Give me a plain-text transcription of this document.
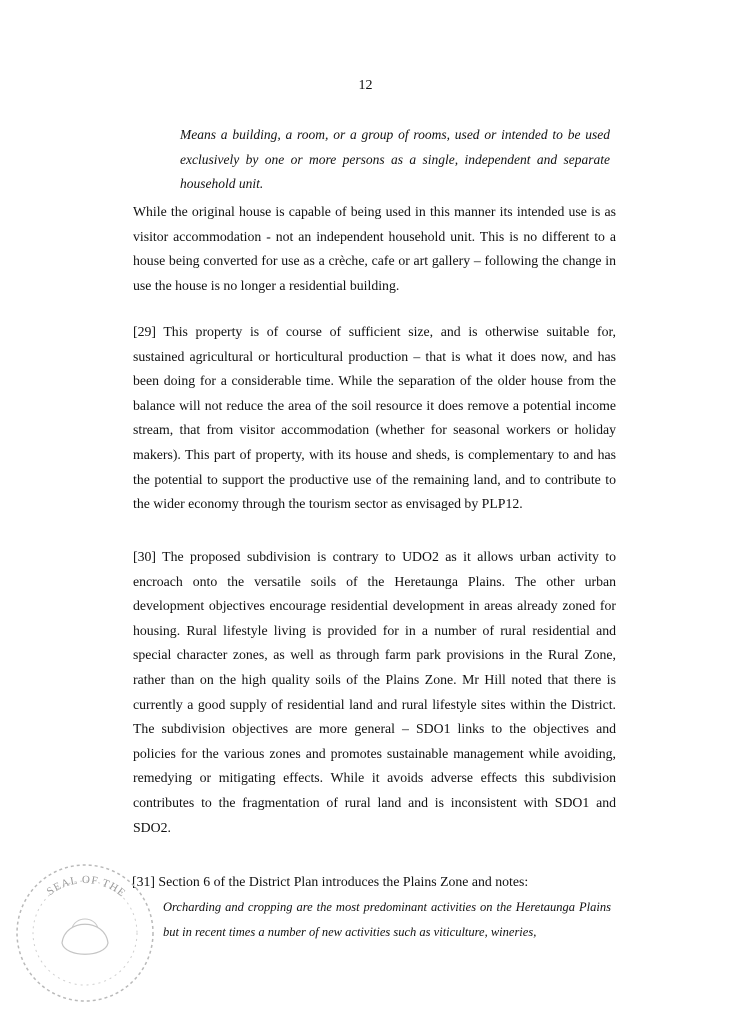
12
Means a building, a room, or a group of rooms, used or intended to be used exclusively by one or more persons as a single, independent and separate household unit.
While the original house is capable of being used in this manner its intended use is as visitor accommodation - not an independent household unit. This is no different to a house being converted for use as a crèche, cafe or art gallery – following the change in use the house is no longer a residential building.
[29] This property is of course of sufficient size, and is otherwise suitable for, sustained agricultural or horticultural production – that is what it does now, and has been doing for a considerable time. While the separation of the older house from the balance will not reduce the area of the soil resource it does remove a potential income stream, that from visitor accommodation (whether for seasonal workers or holiday makers). This part of property, with its house and sheds, is complementary to and has the potential to support the productive use of the remaining land, and to contribute to the wider economy through the tourism sector as envisaged by PLP12.
[30] The proposed subdivision is contrary to UDO2 as it allows urban activity to encroach onto the versatile soils of the Heretaunga Plains. The other urban development objectives encourage residential development in areas already zoned for housing. Rural lifestyle living is provided for in a number of rural residential and special character zones, as well as through farm park provisions in the Rural Zone, rather than on the high quality soils of the Plains Zone. Mr Hill noted that there is currently a good supply of residential land and rural lifestyle sites within the District. The subdivision objectives are more general – SDO1 links to the objectives and policies for the various zones and promotes sustainable management while avoiding, remedying or mitigating effects. While it avoids adverse effects this subdivision contributes to the fragmentation of rural land and is inconsistent with SDO1 and SDO2.
[31] Section 6 of the District Plan introduces the Plains Zone and notes:
Orcharding and cropping are the most predominant activities on the Heretaunga Plains but in recent times a number of new activities such as viticulture, wineries,
SEAL OF THE
